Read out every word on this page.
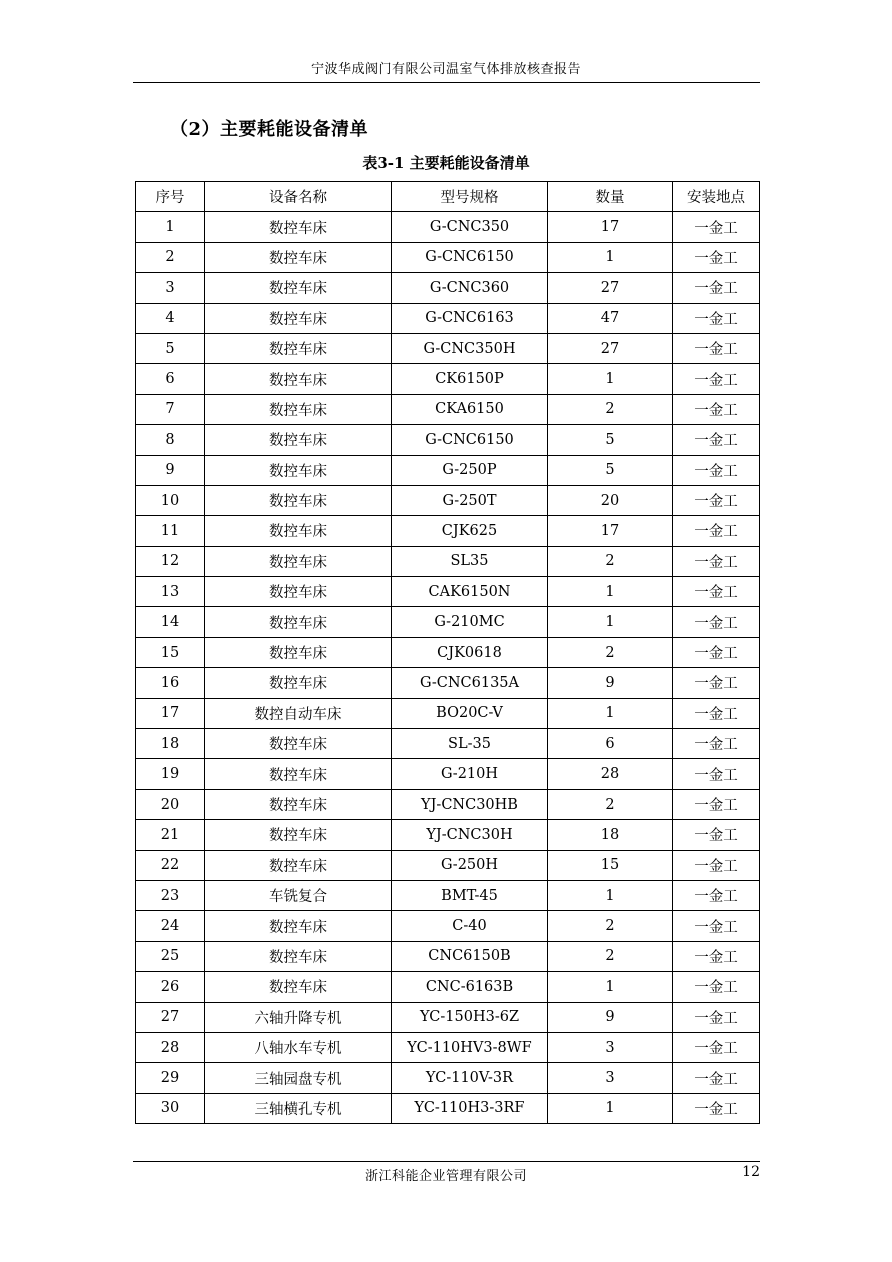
宁波华成阀门有限公司温室气体排放核查报告
（2）主要耗能设备清单
表3-1 主要耗能设备清单
序号	设备名称	型号规格	数量	安装地点
1	数控车床	G-CNC350	17	一金工
2	数控车床	G-CNC6150	1	一金工
3	数控车床	G-CNC360	27	一金工
4	数控车床	G-CNC6163	47	一金工
5	数控车床	G-CNC350H	27	一金工
6	数控车床	CK6150P	1	一金工
7	数控车床	CKA6150	2	一金工
8	数控车床	G-CNC6150	5	一金工
9	数控车床	G-250P	5	一金工
10	数控车床	G-250T	20	一金工
11	数控车床	CJK625	17	一金工
12	数控车床	SL35	2	一金工
13	数控车床	CAK6150N	1	一金工
14	数控车床	G-210MC	1	一金工
15	数控车床	CJK0618	2	一金工
16	数控车床	G-CNC6135A	9	一金工
17	数控自动车床	BO20C-V	1	一金工
18	数控车床	SL-35	6	一金工
19	数控车床	G-210H	28	一金工
20	数控车床	YJ-CNC30HB	2	一金工
21	数控车床	YJ-CNC30H	18	一金工
22	数控车床	G-250H	15	一金工
23	车铣复合	BMT-45	1	一金工
24	数控车床	C-40	2	一金工
25	数控车床	CNC6150B	2	一金工
26	数控车床	CNC-6163B	1	一金工
27	六轴升降专机	YC-150H3-6Z	9	一金工
28	八轴水车专机	YC-110HV3-8WF	3	一金工
29	三轴园盘专机	YC-110V-3R	3	一金工
30	三轴横孔专机	YC-110H3-3RF	1	一金工
浙江科能企业管理有限公司	12
